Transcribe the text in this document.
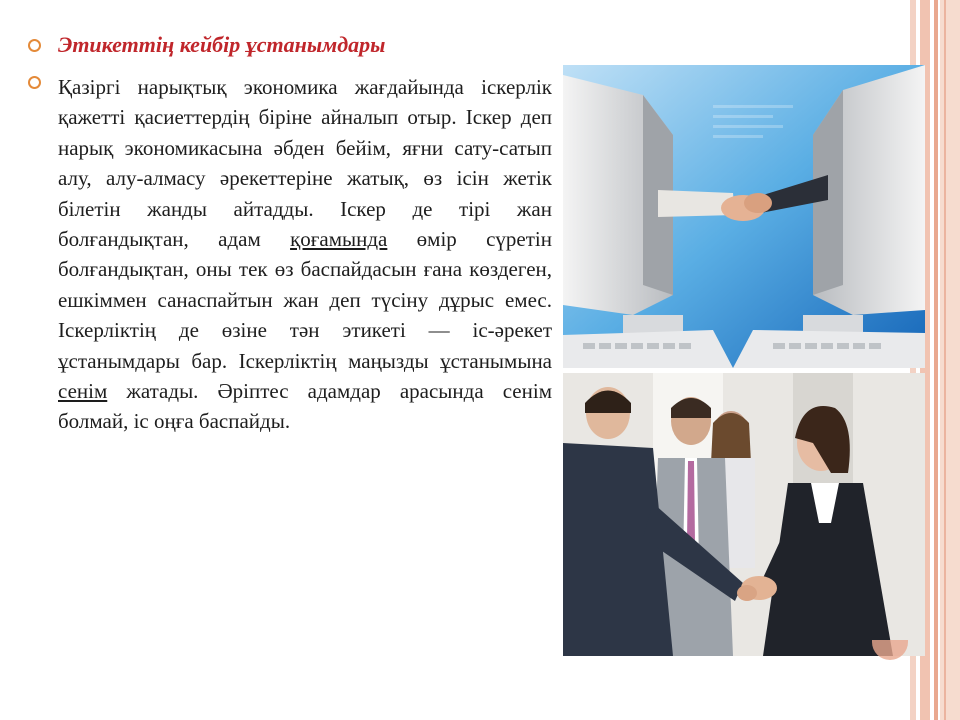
Этикеттің кейбір ұстанымдары

Қазіргі нарықтық экономика жағдайында іскерлік қажетті қасиеттердің біріне айналып отыр. Іскер деп нарық экономикасына әбден бейім, яғни сату-сатып алу, алу-алмасу әрекеттеріне жатық, өз ісін жетік білетін жанды айтадды. Іскер де тірі жан болғандықтан, адам қоғамында өмір сүретін болғандықтан, оны тек өз баспайдасын ғана көздеген, ешкіммен санаспайтын жан деп түсіну дұрыс емес. Іскерліктің де өзіне тән этикеті — іс-әрекет ұстанымдары бар. Іскерліктің маңызды ұстанымына сенім жатады. Әріптес адамдар арасында сенім болмай, іс оңға баспайды.
